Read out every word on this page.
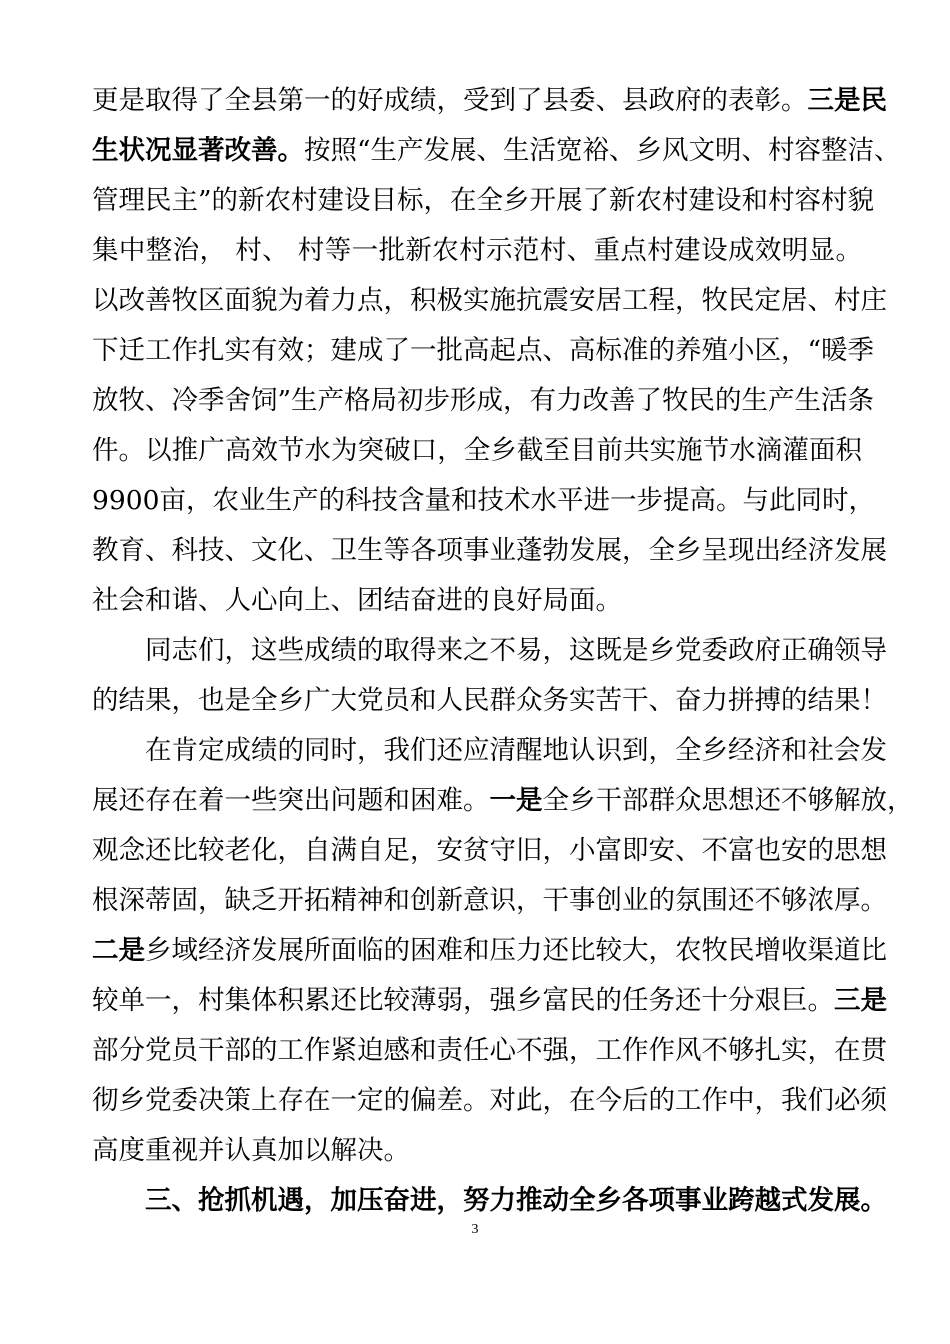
更是取得了全县第一的好成绩，受到了县委、县政府的表彰。三是民
生状况显著改善。按照“生产发展、生活宽裕、乡风文明、村容整洁、
管理民主”的新农村建设目标，在全乡开展了新农村建设和村容村貌
集中整治， 村、 村等一批新农村示范村、重点村建设成效明显。
以改善牧区面貌为着力点，积极实施抗震安居工程，牧民定居、村庄
下迁工作扎实有效；建成了一批高起点、高标准的养殖小区，“暖季
放牧、冷季舍饲”生产格局初步形成，有力改善了牧民的生产生活条
件。以推广高效节水为突破口，全乡截至目前共实施节水滴灌面积
9900亩，农业生产的科技含量和技术水平进一步提高。与此同时，
教育、科技、文化、卫生等各项事业蓬勃发展，全乡呈现出经济发展
社会和谐、人心向上、团结奋进的良好局面。
同志们，这些成绩的取得来之不易，这既是乡党委政府正确领导
的结果，也是全乡广大党员和人民群众务实苦干、奋力拼搏的结果！
在肯定成绩的同时，我们还应清醒地认识到，全乡经济和社会发
展还存在着一些突出问题和困难。一是全乡干部群众思想还不够解放，
观念还比较老化，自满自足，安贫守旧，小富即安、不富也安的思想
根深蒂固，缺乏开拓精神和创新意识，干事创业的氛围还不够浓厚。
二是乡域经济发展所面临的困难和压力还比较大，农牧民增收渠道比
较单一，村集体积累还比较薄弱，强乡富民的任务还十分艰巨。三是
部分党员干部的工作紧迫感和责任心不强，工作作风不够扎实，在贯
彻乡党委决策上存在一定的偏差。对此，在今后的工作中，我们必须
高度重视并认真加以解决。
三、抢抓机遇，加压奋进，努力推动全乡各项事业跨越式发展。
3
